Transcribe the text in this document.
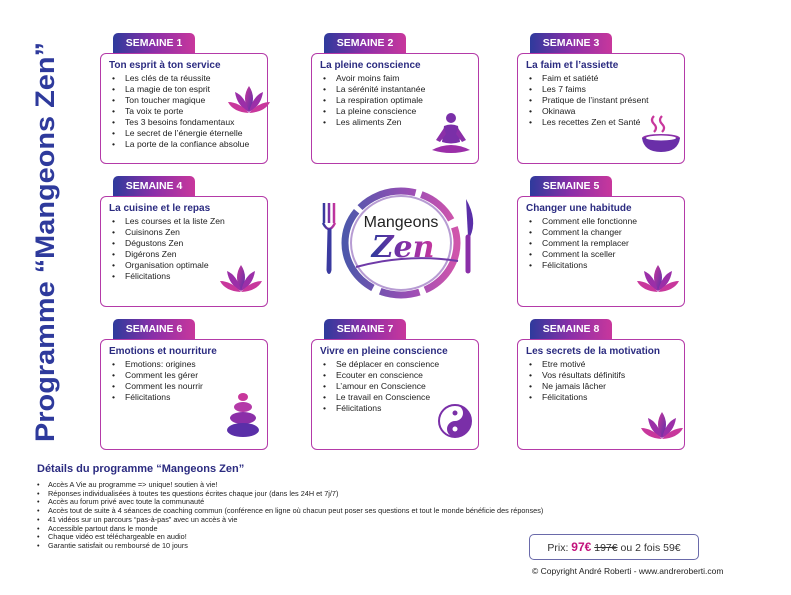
Programme “Mangeons Zen”
SEMAINE 1
Ton esprit à ton service
• Les clés de ta réussite
• La magie de ton esprit
• Ton toucher magique
• Ta voix te porte
• Tes 3 besoins fondamentaux
• Le secret de l’énergie éternelle
• La porte de la confiance absolue
SEMAINE 2
La pleine conscience
• Avoir moins faim
• La sérénité instantanée
• La respiration optimale
• La pleine conscience
• Les aliments Zen
SEMAINE 3
La faim et l’assiette
• Faim et satiété
• Les 7 faims
• Pratique de l’instant présent
• Okinawa
• Les recettes Zen et Santé
SEMAINE 4
La cuisine et le repas
• Les courses et la liste Zen
• Cuisinons Zen
• Dégustons Zen
• Digérons Zen
• Organisation optimale
• Félicitations
SEMAINE 5
Changer une habitude
• Comment elle fonctionne
• Comment la changer
• Comment la remplacer
• Comment la sceller
• Félicitations
SEMAINE 6
Emotions et nourriture
• Emotions: origines
• Comment les gérer
• Comment les nourrir
• Félicitations
SEMAINE 7
Vivre en pleine conscience
• Se déplacer en conscience
• Ecouter en conscience
• L’amour en Conscience
• Le travail en Conscience
• Félicitations
SEMAINE 8
Les secrets de la motivation
• Etre motivé
• Vos résultats définitifs
• Ne jamais lâcher
• Félicitations
Mangeons
Zen
Détails du programme “Mangeons Zen”
• Accès A Vie au programme => unique! soutien à vie!
• Réponses individualisées à toutes tes questions écrites chaque jour (dans les 24H et 7j/7)
• Accès au forum privé avec toute la communauté
• Accès tout de suite à 4 séances de coaching commun (conférence en ligne où chacun peut poser ses questions et tout le monde bénéficie des réponses)
• 41 vidéos sur un parcours “pas-à-pas” avec un accès à vie
• Accessible partout dans le monde
• Chaque vidéo est téléchargeable en audio!
• Garantie satisfait ou remboursé de 10 jours	Prix: 97€ 197€ ou 2 fois 59€
© Copyright André Roberti - www.andreroberti.com
